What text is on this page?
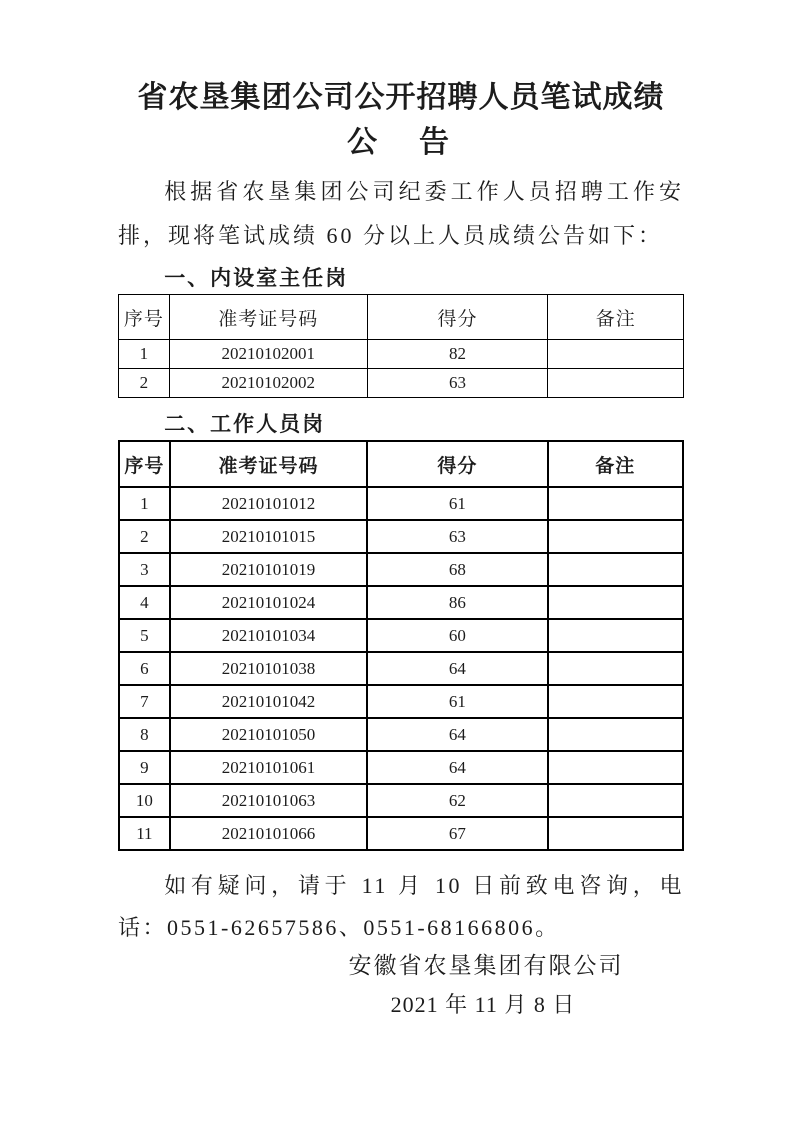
省农垦集团公司公开招聘人员笔试成绩
公　告

根据省农垦集团公司纪委工作人员招聘工作安排，现将笔试成绩 60 分以上人员成绩公告如下：

一、内设室主任岗
序号	准考证号码	得分	备注
1	20210102001	82	
2	20210102002	63	
二、工作人员岗
序号	准考证号码	得分	备注
1	20210101012	61	
2	20210101015	63	
3	20210101019	68	
4	20210101024	86	
5	20210101034	60	
6	20210101038	64	
7	20210101042	61	
8	20210101050	64	
9	20210101061	64	
10	20210101063	62	
11	20210101066	67	

如有疑问，请于 11 月 10 日前致电咨询，电话：0551-62657586、0551-68166806。

安徽省农垦集团有限公司
2021 年 11 月 8 日
